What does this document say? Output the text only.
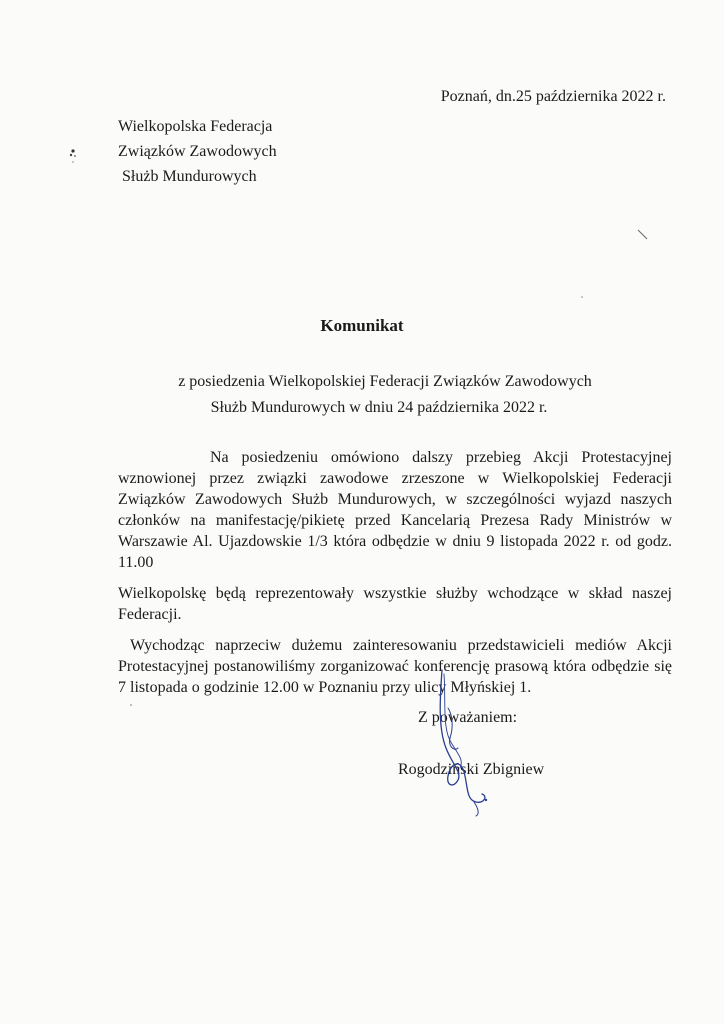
Poznań, dn.25 października 2022 r.
Wielkopolska Federacja
Związków Zawodowych
Służb Mundurowych
Komunikat
z posiedzenia Wielkopolskiej Federacji Związków Zawodowych
Służb Mundurowych w dniu 24 października 2022 r.

Na posiedzeniu omówiono dalszy przebieg Akcji Protestacyjnej wznowionej przez związki zawodowe zrzeszone w Wielkopolskiej Federacji Związków Zawodowych Służb Mundurowych, w szczególności wyjazd naszych członków na manifestację/pikietę przed Kancelarią Prezesa Rady Ministrów w Warszawie Al. Ujazdowskie 1/3 która odbędzie w dniu 9 listopada 2022 r. od godz. 11.00

Wielkopolskę będą reprezentowały wszystkie służby wchodzące w skład naszej Federacji.

Wychodząc naprzeciw dużemu zainteresowaniu przedstawicieli mediów Akcji Protestacyjnej postanowiliśmy zorganizować konferencję prasową która odbędzie się 7 listopada o godzinie 12.00 w Poznaniu przy ulicy Młyńskiej 1.

Z poważaniem:
Rogodziński Zbigniew
